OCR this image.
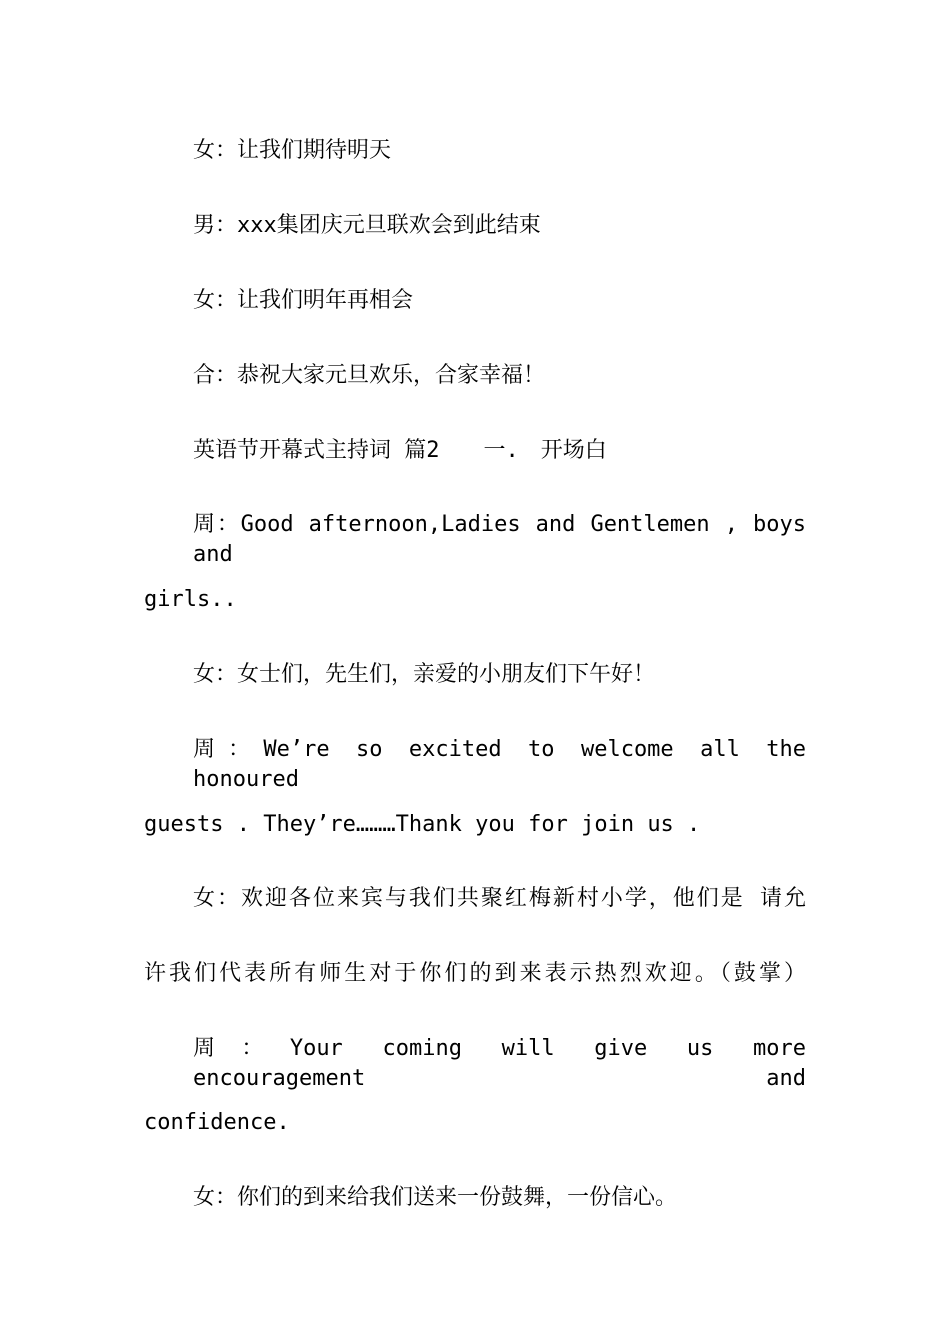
女：让我们期待明天
男：xxx集团庆元旦联欢会到此结束
女：让我们明年再相会
合：恭祝大家元旦欢乐，合家幸福！
英语节开幕式主持词 篇2　　一.　开场白
周：Good afternoon,Ladies and Gentlemen , boys and
girls..
女：女士们，先生们，亲爱的小朋友们下午好！
周：We’re so excited to welcome all the honoured
guests . They’re………Thank you for join us .
女：欢迎各位来宾与我们共聚红梅新村小学，他们是 请允
许我们代表所有师生对于你们的到来表示热烈欢迎。（鼓掌）
周：Your coming will give us more encouragement and
confidence.
女：你们的到来给我们送来一份鼓舞，一份信心。
